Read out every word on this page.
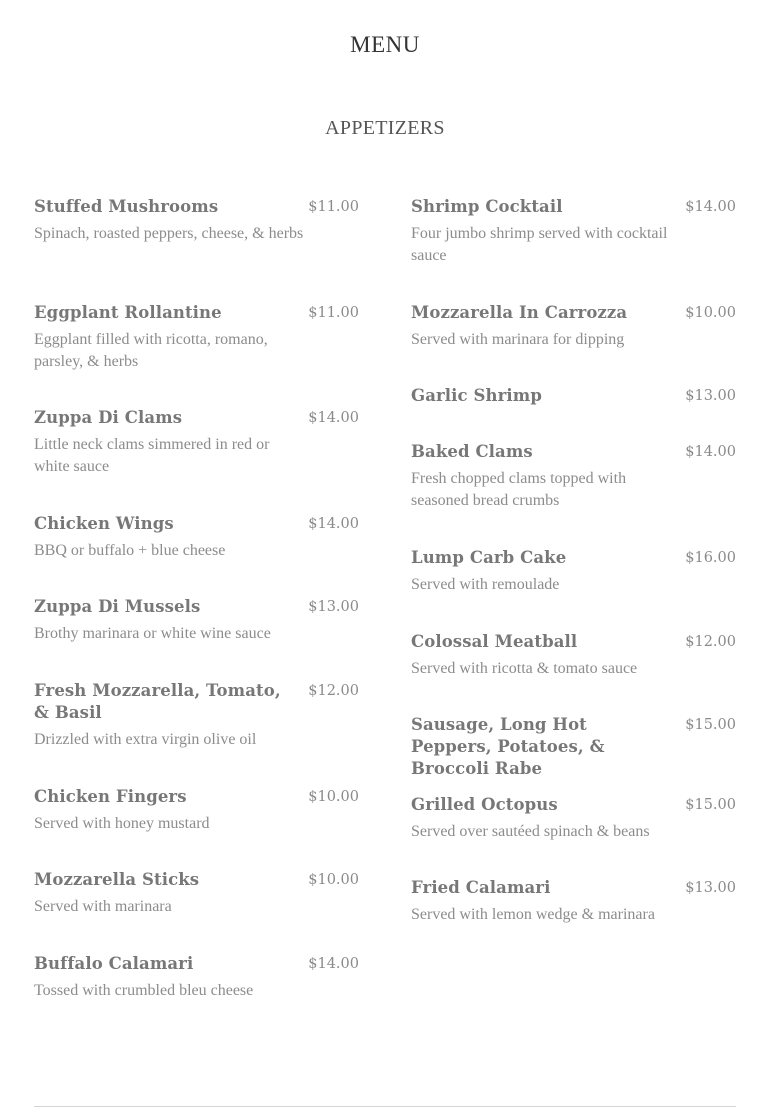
MENU
APPETIZERS
Stuffed Mushrooms	$11.00
Spinach, roasted peppers, cheese, & herbs
Eggplant Rollantine	$11.00
Eggplant filled with ricotta, romano, parsley, & herbs
Zuppa Di Clams	$14.00
Little neck clams simmered in red or white sauce
Chicken Wings	$14.00
BBQ or buffalo + blue cheese
Zuppa Di Mussels	$13.00
Brothy marinara or white wine sauce
Fresh Mozzarella, Tomato, & Basil
$12.00
Drizzled with extra virgin olive oil
Chicken Fingers	$10.00
Served with honey mustard
Mozzarella Sticks	$10.00
Served with marinara
Buffalo Calamari	$14.00
Tossed with crumbled bleu cheese
Shrimp Cocktail	$14.00
Four jumbo shrimp served with cocktail sauce
Mozzarella In Carrozza	$10.00
Served with marinara for dipping
Garlic Shrimp	$13.00
Baked Clams	$14.00
Fresh chopped clams topped with seasoned bread crumbs
Lump Carb Cake	$16.00
Served with remoulade
Colossal Meatball	$12.00
Served with ricotta & tomato sauce
Sausage, Long Hot Peppers, Potatoes, & Broccoli Rabe
$15.00
Grilled Octopus	$15.00
Served over sautéed spinach & beans
Fried Calamari	$13.00
Served with lemon wedge & marinara
